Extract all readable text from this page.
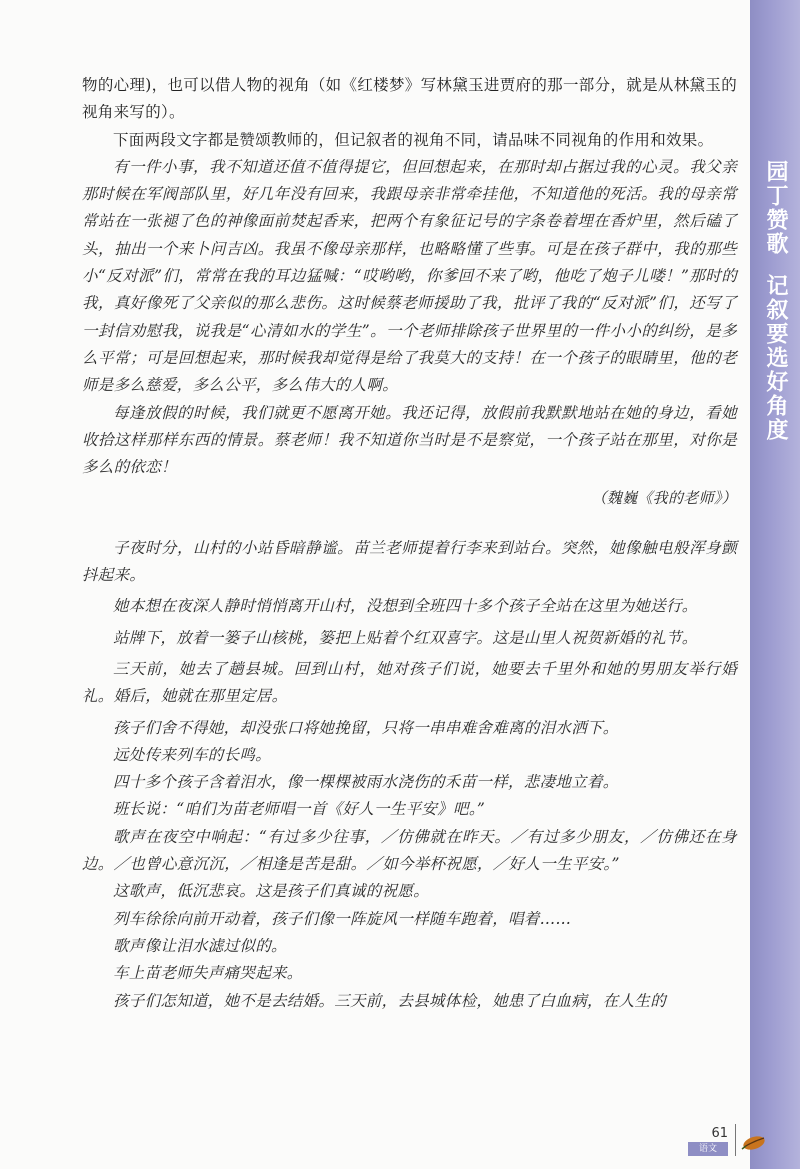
物的心理)，也可以借人物的视角（如《红楼梦》写林黛玉进贾府的那一部分，就是从林黛玉的视角来写的）。

下面两段文字都是赞颂教师的，但记叙者的视角不同，请品味不同视角的作用和效果。

有一件小事，我不知道还值不值得提它，但回想起来，在那时却占据过我的心灵。我父亲那时候在军阀部队里，好几年没有回来，我跟母亲非常牵挂他，不知道他的死活。我的母亲常常站在一张褪了色的神像面前焚起香来，把两个有象征记号的字条卷着埋在香炉里，然后磕了头，抽出一个来卜问吉凶。我虽不像母亲那样，也略略懂了些事。可是在孩子群中，我的那些小“反对派”们，常常在我的耳边猛喊：“哎哟哟，你爹回不来了哟，他吃了炮子儿喽！”那时的我，真好像死了父亲似的那么悲伤。这时候蔡老师援助了我，批评了我的“反对派”们，还写了一封信劝慰我，说我是“心清如水的学生”。一个老师排除孩子世界里的一件小小的纠纷，是多么平常；可是回想起来，那时候我却觉得是给了我莫大的支持！在一个孩子的眼睛里，他的老师是多么慈爱，多么公平，多么伟大的人啊。

每逢放假的时候，我们就更不愿离开她。我还记得，放假前我默默地站在她的身边，看她收拾这样那样东西的情景。蔡老师！我不知道你当时是不是察觉，一个孩子站在那里，对你是多么的依恋！

（魏巍《我的老师》）

子夜时分，山村的小站昏暗静谧。苗兰老师提着行李来到站台。突然，她像触电般浑身颤抖起来。

她本想在夜深人静时悄悄离开山村，没想到全班四十多个孩子全站在这里为她送行。

站牌下，放着一篓子山核桃，篓把上贴着个红双喜字。这是山里人祝贺新婚的礼节。

三天前，她去了趟县城。回到山村，她对孩子们说，她要去千里外和她的男朋友举行婚礼。婚后，她就在那里定居。

孩子们舍不得她，却没张口将她挽留，只将一串串难舍难离的泪水洒下。

远处传来列车的长鸣。

四十多个孩子含着泪水，像一棵棵被雨水浇伤的禾苗一样，悲凄地立着。

班长说：“咱们为苗老师唱一首《好人一生平安》吧。”

歌声在夜空中响起：“有过多少往事，／仿佛就在昨天。／有过多少朋友，／仿佛还在身边。／也曾心意沉沉，／相逢是苦是甜。／如今举杯祝愿，／好人一生平安。”

这歌声，低沉悲哀。这是孩子们真诚的祝愿。

列车徐徐向前开动着，孩子们像一阵旋风一样随车跑着，唱着……

歌声像让泪水滤过似的。

车上苗老师失声痛哭起来。

孩子们怎知道，她不是去结婚。三天前，去县城体检，她患了白血病，在人生的

园丁赞歌记叙要选好角度
61
语文
